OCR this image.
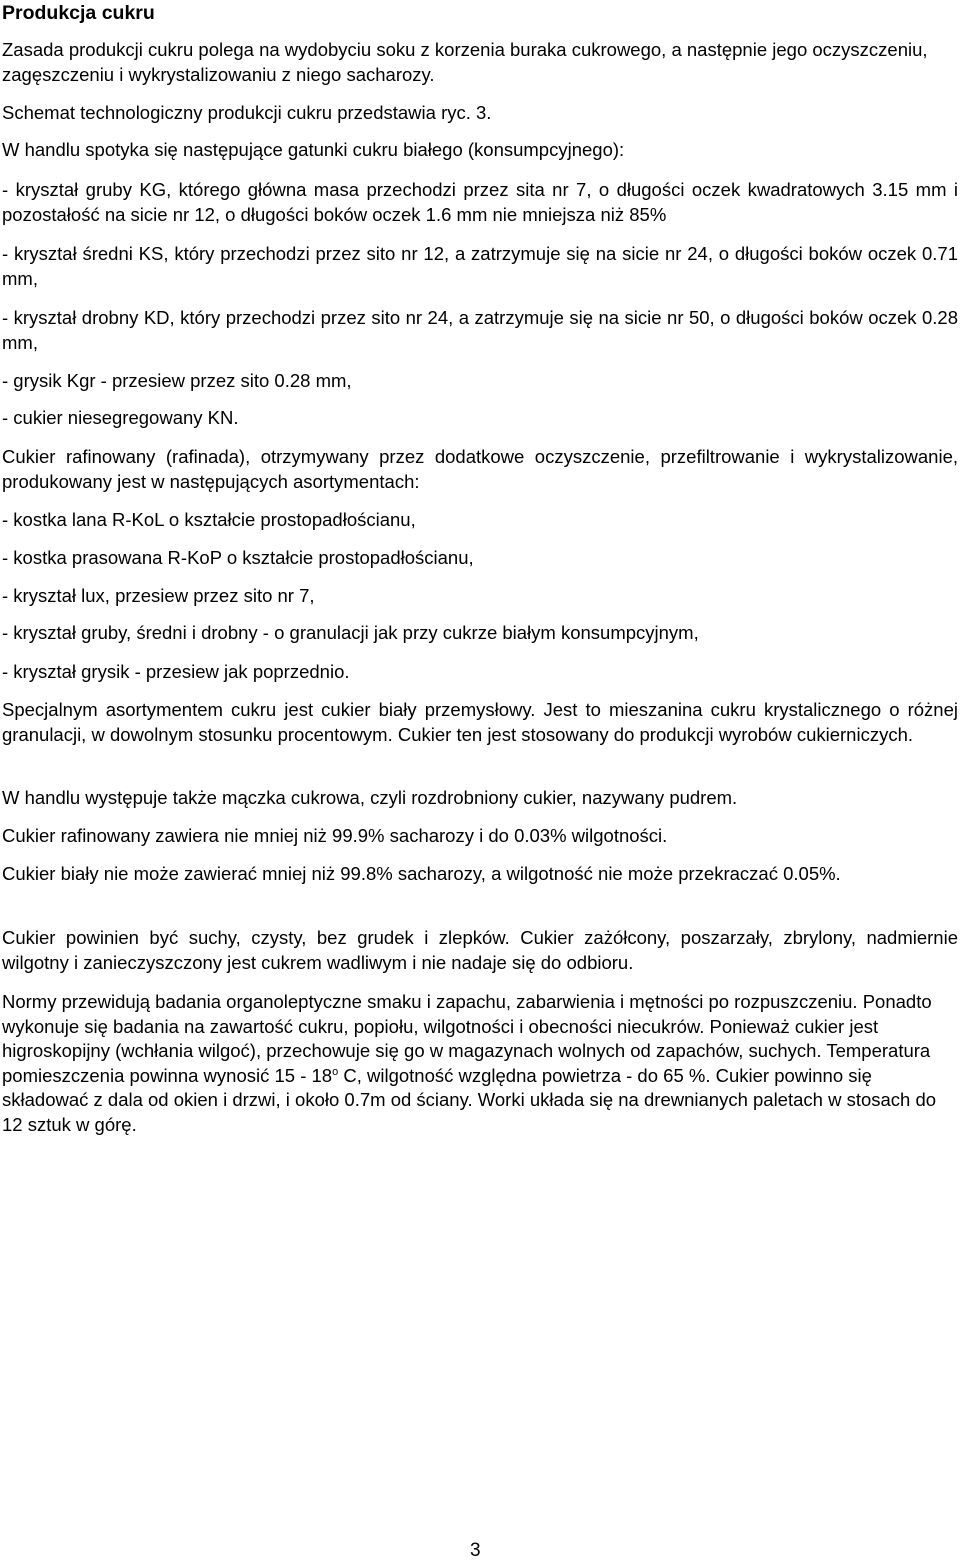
Produkcja cukru

Zasada produkcji cukru polega na wydobyciu soku z korzenia buraka cukrowego, a następnie jego oczyszczeniu, zagęszczeniu i wykrystalizowaniu z niego sacharozy.

Schemat technologiczny produkcji cukru przedstawia ryc. 3.

W handlu spotyka się następujące gatunki cukru białego (konsumpcyjnego):

- kryształ gruby KG, którego główna masa przechodzi przez sita nr 7, o długości oczek kwadratowych 3.15 mm i pozostałość na sicie nr 12, o długości boków oczek 1.6 mm nie mniejsza niż 85%

- kryształ średni KS, który przechodzi przez sito nr 12, a zatrzymuje się na sicie nr 24, o długości boków oczek 0.71 mm,

- kryształ drobny KD, który przechodzi przez sito nr 24, a zatrzymuje się na sicie nr 50, o długości boków oczek 0.28 mm,

- grysik Kgr - przesiew przez sito 0.28 mm,

- cukier niesegregowany KN.

Cukier rafinowany (rafinada), otrzymywany przez dodatkowe oczyszczenie, przefiltrowanie i wykrystalizowanie, produkowany jest w następujących asortymentach:

- kostka lana R-KoL o kształcie prostopadłościanu,

- kostka prasowana R-KoP o kształcie prostopadłościanu,

- kryształ lux, przesiew przez sito nr 7,

- kryształ gruby, średni i drobny - o granulacji jak przy cukrze białym konsumpcyjnym,

- kryształ grysik - przesiew jak poprzednio.

Specjalnym asortymentem cukru jest cukier biały przemysłowy. Jest to mieszanina cukru krystalicznego o różnej granulacji, w dowolnym stosunku procentowym. Cukier ten jest stosowany do produkcji wyrobów cukierniczych.

W handlu występuje także mączka cukrowa, czyli rozdrobniony cukier, nazywany pudrem.

Cukier rafinowany zawiera nie mniej niż 99.9% sacharozy i do 0.03% wilgotności.

Cukier biały nie może zawierać mniej niż 99.8% sacharozy, a wilgotność nie może przekraczać 0.05%.

Cukier powinien być suchy, czysty, bez grudek i zlepków. Cukier zażółcony, poszarzały, zbrylony, nadmiernie wilgotny i zanieczyszczony jest cukrem wadliwym i nie nadaje się do odbioru.

Normy przewidują badania organoleptyczne smaku i zapachu, zabarwienia i mętności po rozpuszczeniu. Ponadto wykonuje się badania na zawartość cukru, popiołu, wilgotności i obecności niecukrów. Ponieważ cukier jest higroskopijny (wchłania wilgoć), przechowuje się go w magazynach wolnych od zapachów, suchych. Temperatura pomieszczenia powinna wynosić 15 - 18$^o$ C, wilgotność względna powietrza - do 65 %. Cukier powinno się składować z dala od okien i drzwi, i około 0.7m od ściany. Worki układa się na drewnianych paletach w stosach do 12 sztuk w górę.

3
